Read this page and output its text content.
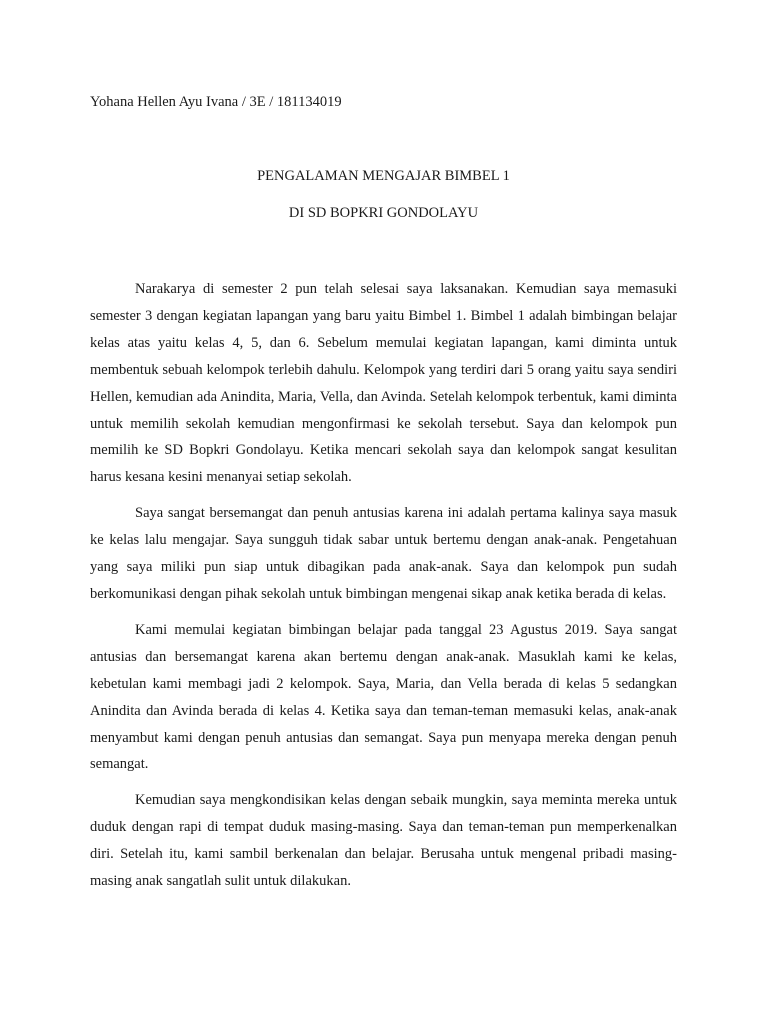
Yohana Hellen Ayu Ivana / 3E / 181134019
PENGALAMAN MENGAJAR BIMBEL 1
DI SD BOPKRI GONDOLAYU

Narakarya di semester 2 pun telah selesai saya laksanakan. Kemudian saya memasuki semester 3 dengan kegiatan lapangan yang baru yaitu Bimbel 1. Bimbel 1 adalah bimbingan belajar kelas atas yaitu kelas 4, 5, dan 6. Sebelum memulai kegiatan lapangan, kami diminta untuk membentuk sebuah kelompok terlebih dahulu. Kelompok yang terdiri dari 5 orang yaitu saya sendiri Hellen, kemudian ada Anindita, Maria, Vella, dan Avinda. Setelah kelompok terbentuk, kami diminta untuk memilih sekolah kemudian mengonfirmasi ke sekolah tersebut. Saya dan kelompok pun memilih ke SD Bopkri Gondolayu. Ketika mencari sekolah saya dan kelompok sangat kesulitan harus kesana kesini menanyai setiap sekolah.

Saya sangat bersemangat dan penuh antusias karena ini adalah pertama kalinya saya masuk ke kelas lalu mengajar. Saya sungguh tidak sabar untuk bertemu dengan anak-anak. Pengetahuan yang saya miliki pun siap untuk dibagikan pada anak-anak. Saya dan kelompok pun sudah berkomunikasi dengan pihak sekolah untuk bimbingan mengenai sikap anak ketika berada di kelas.

Kami memulai kegiatan bimbingan belajar pada tanggal 23 Agustus 2019. Saya sangat antusias dan bersemangat karena akan bertemu dengan anak-anak. Masuklah kami ke kelas, kebetulan kami membagi jadi 2 kelompok. Saya, Maria, dan Vella berada di kelas 5 sedangkan Anindita dan Avinda berada di kelas 4. Ketika saya dan teman-teman memasuki kelas, anak-anak menyambut kami dengan penuh antusias dan semangat. Saya pun menyapa mereka dengan penuh semangat.

Kemudian saya mengkondisikan kelas dengan sebaik mungkin, saya meminta mereka untuk duduk dengan rapi di tempat duduk masing-masing. Saya dan teman-teman pun memperkenalkan diri. Setelah itu, kami sambil berkenalan dan belajar. Berusaha untuk mengenal pribadi masing-masing anak sangatlah sulit untuk dilakukan.
